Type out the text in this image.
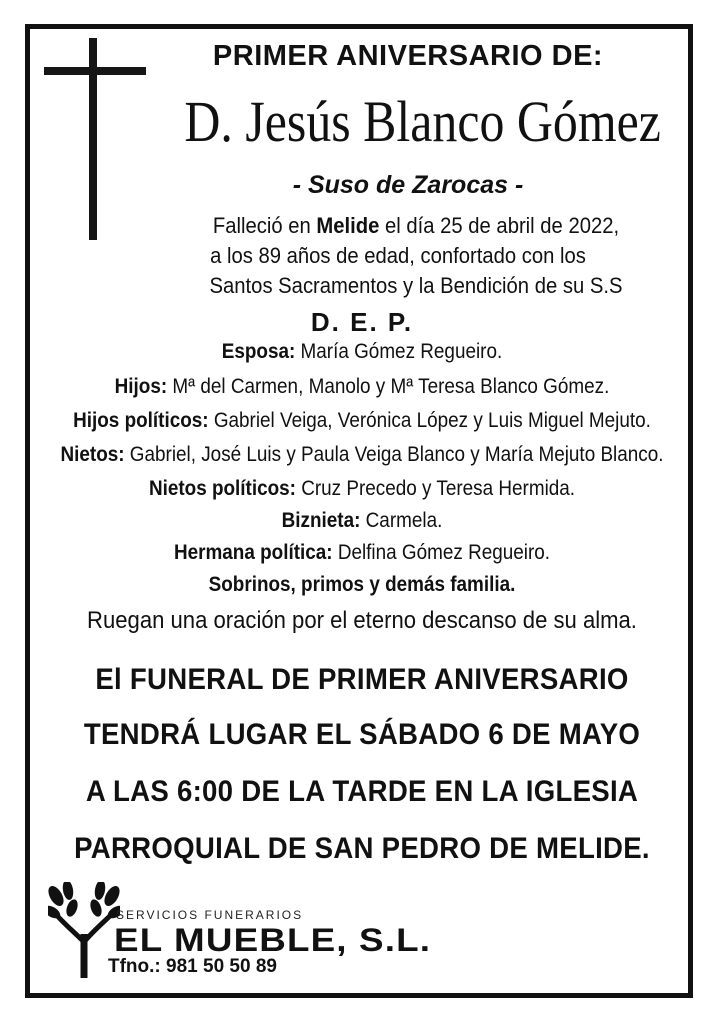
PRIMER ANIVERSARIO DE:
D. Jesús Blanco Gómez
- Suso de Zarocas -
Falleció en Melide el día 25 de abril de 2022,
a los 89 años de edad, confortado con los
Santos Sacramentos y la Bendición de su S.S
D. E. P.
Esposa: María Gómez Regueiro.
Hijos: Mª del Carmen, Manolo y Mª Teresa Blanco Gómez.
Hijos políticos: Gabriel Veiga, Verónica López y Luis Miguel Mejuto.
Nietos: Gabriel, José Luis y Paula Veiga Blanco y María Mejuto Blanco.
Nietos políticos: Cruz Precedo y Teresa Hermida.
Biznieta: Carmela.
Hermana política: Delfina Gómez Regueiro.
Sobrinos, primos y demás familia.
Ruegan una oración por el eterno descanso de su alma.
El FUNERAL DE PRIMER ANIVERSARIO
TENDRÁ LUGAR EL SÁBADO 6 DE MAYO
A LAS 6:00 DE LA TARDE EN LA IGLESIA
PARROQUIAL DE SAN PEDRO DE MELIDE.
SERVICIOS FUNERARIOS
EL MUEBLE, S.L.
Tfno.: 981 50 50 89
